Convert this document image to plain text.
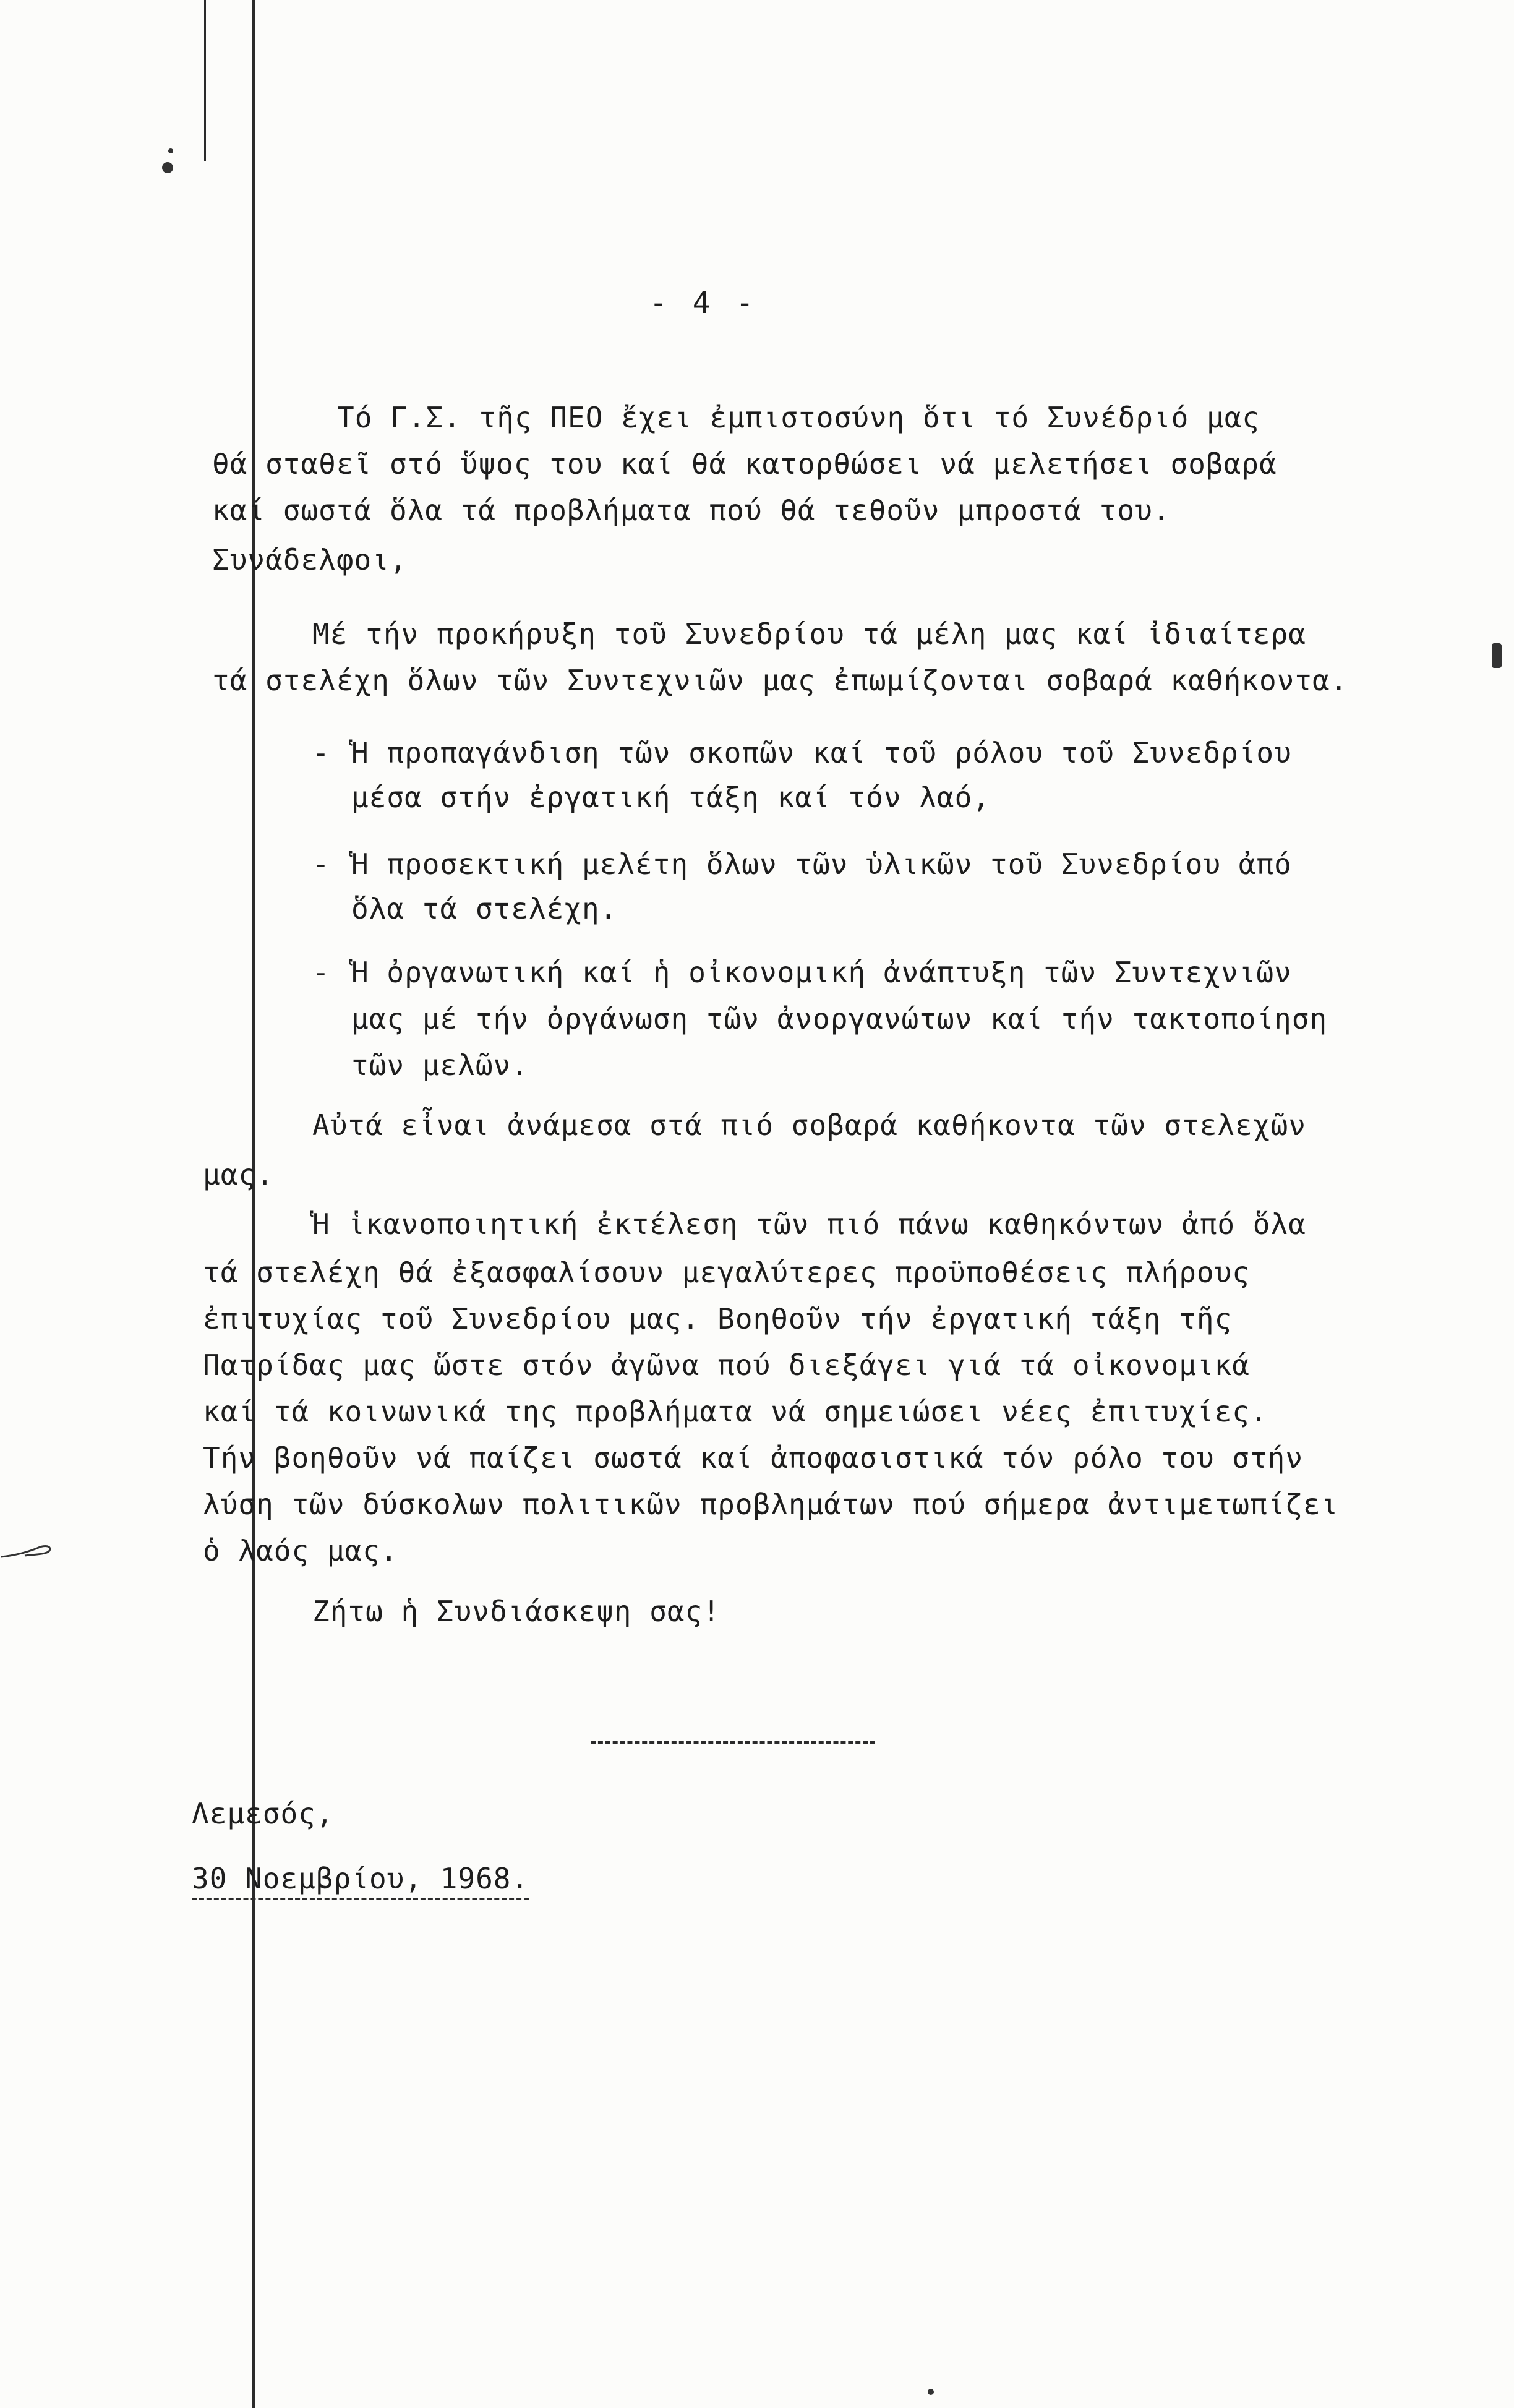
- 4 -
Τό Γ.Σ. τῆς ΠΕΟ ἔχει ἐμπιστοσύνη ὅτι τό Συνέδριό μας
θά σταθεῖ στό ὕψος του καί θά κατορθώσει νά μελετήσει σοβαρά
καί σωστά ὅλα τά προβλήματα πού θά τεθοῦν μπροστά του.
Συνάδελφοι,
Μέ τήν προκήρυξη τοῦ Συνεδρίου τά μέλη μας καί ἰδιαίτερα
τά στελέχη ὅλων τῶν Συντεχνιῶν μας ἐπωμίζονται σοβαρά καθήκοντα.
- Ἡ προπαγάνδιση τῶν σκοπῶν καί τοῦ ρόλου τοῦ Συνεδρίου
μέσα στήν ἐργατική τάξη καί τόν λαό,
- Ἡ προσεκτική μελέτη ὅλων τῶν ὑλικῶν τοῦ Συνεδρίου ἀπό
ὅλα τά στελέχη.
- Ἡ ὀργανωτική καί ἡ οἰκονομική ἀνάπτυξη τῶν Συντεχνιῶν
μας μέ τήν ὀργάνωση τῶν ἀνοργανώτων καί τήν τακτοποίηση
τῶν μελῶν.
Αὐτά εἶναι ἀνάμεσα στά πιό σοβαρά καθήκοντα τῶν στελεχῶν
μας.
Ἡ ἱκανοποιητική ἐκτέλεση τῶν πιό πάνω καθηκόντων ἀπό ὅλα
τά στελέχη θά ἐξασφαλίσουν μεγαλύτερες προϋποθέσεις πλήρους
ἐπιτυχίας τοῦ Συνεδρίου μας. Βοηθοῦν τήν ἐργατική τάξη τῆς
Πατρίδας μας ὥστε στόν ἀγῶνα πού διεξάγει γιά τά οἰκονομικά
καί τά κοινωνικά της προβλήματα νά σημειώσει νέες ἐπιτυχίες.
Τήν βοηθοῦν νά παίζει σωστά καί ἀποφασιστικά τόν ρόλο του στήν
λύση τῶν δύσκολων πολιτικῶν προβλημάτων πού σήμερα ἀντιμετωπίζει
ὁ λαός μας.
Ζήτω ἡ Συνδιάσκεψη σας!
Λεμεσός,
30 Νοεμβρίου, 1968.
